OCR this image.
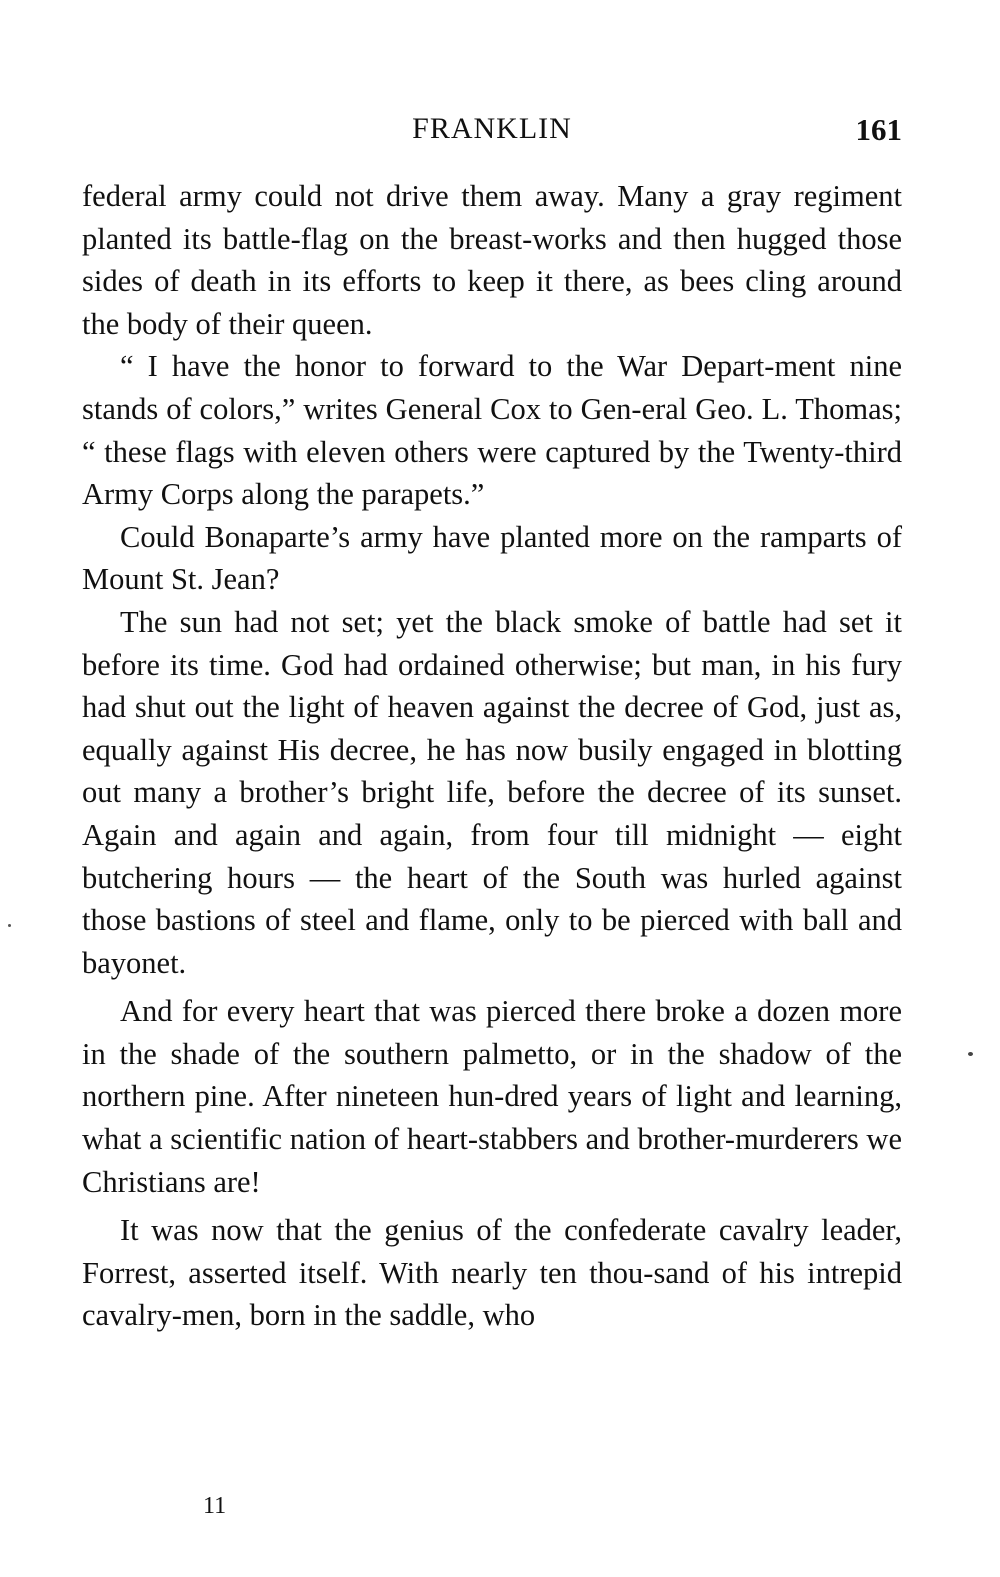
FRANKLIN	161

federal army could not drive them away. Many a gray regiment planted its battle-flag on the breast-works and then hugged those sides of death in its efforts to keep it there, as bees cling around the body of their queen.

“ I have the honor to forward to the War Depart-ment nine stands of colors,” writes General Cox to Gen-eral Geo. L. Thomas; “ these flags with eleven others were captured by the Twenty-third Army Corps along the parapets.”

Could Bonaparte’s army have planted more on the ramparts of Mount St. Jean?

The sun had not set; yet the black smoke of battle had set it before its time. God had ordained otherwise; but man, in his fury had shut out the light of heaven against the decree of God, just as, equally against His decree, he has now busily engaged in blotting out many a brother’s bright life, before the decree of its sunset. Again and again and again, from four till midnight — eight butchering hours — the heart of the South was hurled against those bastions of steel and flame, only to be pierced with ball and bayonet.

And for every heart that was pierced there broke a dozen more in the shade of the southern palmetto, or in the shadow of the northern pine. After nineteen hun-dred years of light and learning, what a scientific nation of heart-stabbers and brother-murderers we Christians are!

It was now that the genius of the confederate cavalry leader, Forrest, asserted itself. With nearly ten thou-sand of his intrepid cavalry-men, born in the saddle, who

11
